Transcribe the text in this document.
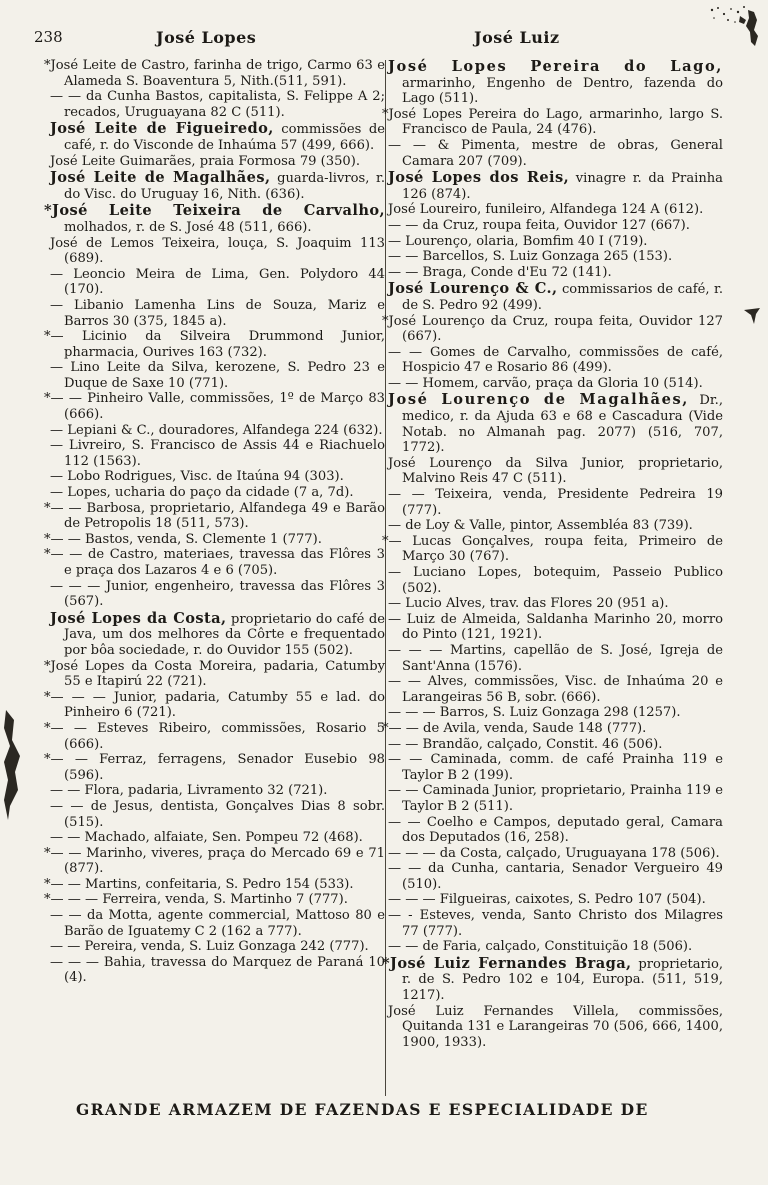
238	José Lopes	José Luiz

*José Leite de Castro, farinha de trigo, Carmo 63 e Alameda S. Boaventura 5, Nith.(511, 591).

— — da Cunha Bastos, capitalista, S. Felippe A 2; recados, Uruguayana 82 C (511).

José Leite de Figueiredo, commissões de café, r. do Visconde de Inhaúma 57 (499, 666).

José Leite Guimarães, praia Formosa 79 (350).

José Leite de Magalhães, guarda-livros, r. do Visc. do Uruguay 16, Nith. (636).

*José Leite Teixeira de Carvalho, molhados, r. de S. José 48 (511, 666).

José de Lemos Teixeira, louça, S. Joaquim 113 (689).

— Leoncio Meira de Lima, Gen. Polydoro 44 (170).

— Libanio Lamenha Lins de Souza, Mariz e Barros 30 (375, 1845 a).

*— Licinio da Silveira Drummond Junior, pharmacia, Ourives 163 (732).

— Lino Leite da Silva, kerozene, S. Pedro 23 e Duque de Saxe 10 (771).

*— — Pinheiro Valle, commissões, 1º de Março 83 (666).

— Lepiani & C., douradores, Alfandega 224 (632).

— Livreiro, S. Francisco de Assis 44 e Riachuelo 112 (1563).

— Lobo Rodrigues, Visc. de Itaúna 94 (303).

— Lopes, ucharia do paço da cidade (7 a, 7d).

*— — Barbosa, proprietario, Alfandega 49 e Barão de Petropolis 18 (511, 573).

*— — Bastos, venda, S. Clemente 1 (777).

*— — de Castro, materiaes, travessa das Flôres 3 e praça dos Lazaros 4 e 6 (705).

— — — Junior, engenheiro, travessa das Flôres 3 (567).

José Lopes da Costa, proprietario do café de Java, um dos melhores da Côrte e frequentado por bôa sociedade, r. do Ouvidor 155 (502).

*José Lopes da Costa Moreira, padaria, Catumby 55 e Itapirú 22 (721).

*— — — Junior, padaria, Catumby 55 e lad. do Pinheiro 6 (721).

*— — Esteves Ribeiro, commissões, Rosario 5 (666).

*— — Ferraz, ferragens, Senador Eusebio 98 (596).

— — Flora, padaria, Livramento 32 (721).

— — de Jesus, dentista, Gonçalves Dias 8 sobr. (515).

— — Machado, alfaiate, Sen. Pompeu 72 (468).

*— — Marinho, viveres, praça do Mercado 69 e 71 (877).

*— — Martins, confeitaria, S. Pedro 154 (533).

*— — — Ferreira, venda, S. Martinho 7 (777).

— — da Motta, agente commercial, Mattoso 80 e Barão de Iguatemy C 2 (162 a 777).

— — Pereira, venda, S. Luiz Gonzaga 242 (777).

— — — Bahia, travessa do Marquez de Paraná 10 (4).

José Lopes Pereira do Lago, armarinho, Engenho de Dentro, fazenda do Lago (511).

*José Lopes Pereira do Lago, armarinho, largo S. Francisco de Paula, 24 (476).

— — & Pimenta, mestre de obras, General Camara 207 (709).

José Lopes dos Reis, vinagre r. da Prainha 126 (874).

José Loureiro, funileiro, Alfandega 124 A (612).

— — da Cruz, roupa feita, Ouvidor 127 (667).

— Lourenço, olaria, Bomfim 40 I (719).

— — Barcellos, S. Luiz Gonzaga 265 (153).

— — Braga, Conde d'Eu 72 (141).

José Lourenço & C., commissarios de café, r. de S. Pedro 92 (499).

*José Lourenço da Cruz, roupa feita, Ouvidor 127 (667).

— — Gomes de Carvalho, commissões de café, Hospicio 47 e Rosario 86 (499).

— — Homem, carvão, praça da Gloria 10 (514).

José Lourenço de Magalhães, Dr., medico, r. da Ajuda 63 e 68 e Cascadura (Vide Notab. no Almanah pag. 2077) (516, 707, 1772).

José Lourenço da Silva Junior, proprietario, Malvino Reis 47 C (511).

— — Teixeira, venda, Presidente Pedreira 19 (777).

— de Loy & Valle, pintor, Assembléa 83 (739).

*— Lucas Gonçalves, roupa feita, Primeiro de Março 30 (767).

— Luciano Lopes, botequim, Passeio Publico (502).

— Lucio Alves, trav. das Flores 20 (951 a).

— Luiz de Almeida, Saldanha Marinho 20, morro do Pinto (121, 1921).

— — — Martins, capellão de S. José, Igreja de Sant'Anna (1576).

— — Alves, commissões, Visc. de Inhaúma 20 e Larangeiras 56 B, sobr. (666).

— — — Barros, S. Luiz Gonzaga 298 (1257).

*— — de Avila, venda, Saude 148 (777).

— — Brandão, calçado, Constit. 46 (506).

— — Caminada, comm. de café Prainha 119 e Taylor B 2 (199).

— — Caminada Junior, proprietario, Prainha 119 e Taylor B 2 (511).

— — Coelho e Campos, deputado geral, Camara dos Deputados (16, 258).

— — — da Costa, calçado, Uruguayana 178 (506).

— — da Cunha, cantaria, Senador Vergueiro 49 (510).

— — — Filgueiras, caixotes, S. Pedro 107 (504).

— - Esteves, venda, Santo Christo dos Milagres 77 (777).

— — de Faria, calçado, Constituição 18 (506).

*José Luiz Fernandes Braga, proprietario, r. de S. Pedro 102 e 104, Europa. (511, 519, 1217).

José Luiz Fernandes Villela, commissões, Quitanda 131 e Larangeiras 70 (506, 666, 1400, 1900, 1933).

GRANDE ARMAZEM DE FAZENDAS E ESPECIALIDADE DE
